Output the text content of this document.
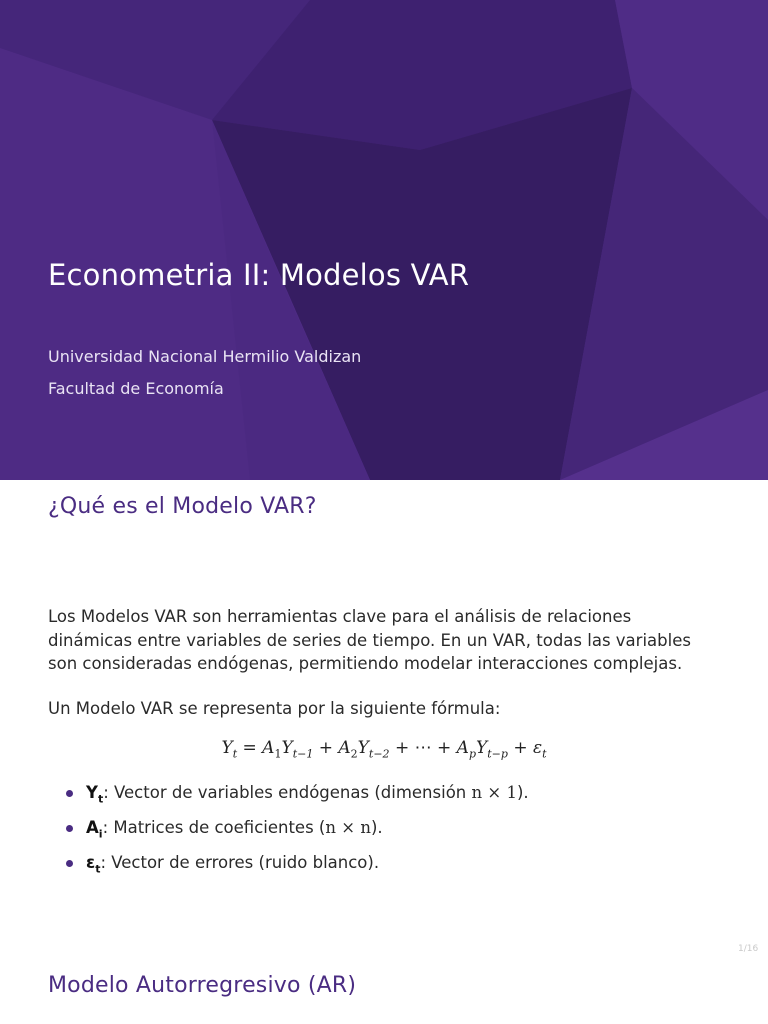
Econometria II: Modelos VAR
Universidad Nacional Hermilio Valdizan
Facultad de Economía
¿Qué es el Modelo VAR?
Los Modelos VAR son herramientas clave para el análisis de relaciones dinámicas entre variables de series de tiempo. En un VAR, todas las variables son consideradas endógenas, permitiendo modelar interacciones complejas.
Un Modelo VAR se representa por la siguiente fórmula:
$Y_t = A_1Y_{t-1} + A_2Y_{t-2}$ + ⋯ + $A_pY_{t-p} + \varepsilon_t$
$Y_t$: Vector de variables endógenas (dimensión n × 1).
$A_i$: Matrices de coeficientes (n × n).
$\varepsilon_t$: Vector de errores (ruido blanco).
1/16
Modelo Autorregresivo (AR)
